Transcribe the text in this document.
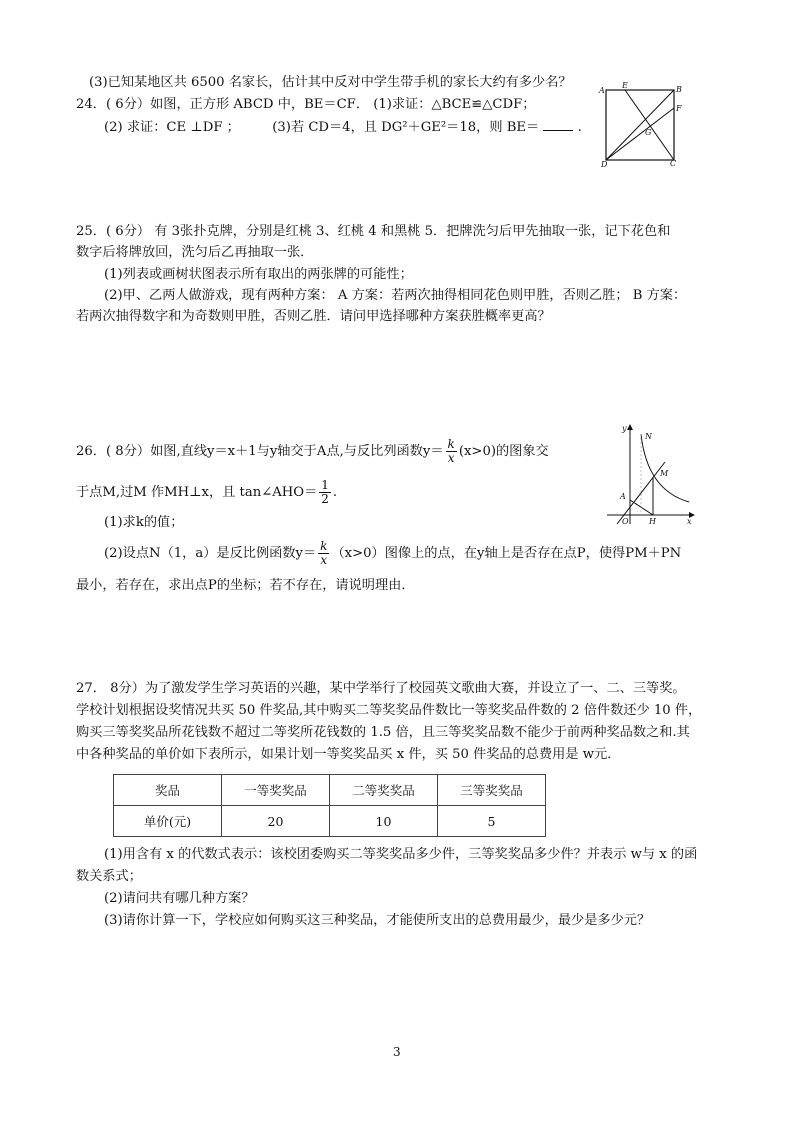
(3)已知某地区共 6500 名家长，估计其中反对中学生带手机的家长大约有多少名？
24．( 6分）如图，正方形 ABCD 中，BE＝CF． (1)求证：△BCE≌△CDF；
(2) 求证：CE ⊥DF ； (3)若 CD＝4，且 DG²＋GE²＝18，则 BE＝	.
A
E	B
F
G
D	C
25．( 6分） 有 3张扑克牌，分别是红桃 3、红桃 4 和黑桃 5．把牌洗匀后甲先抽取一张，记下花色和
数字后将牌放回，洗匀后乙再抽取一张．
(1)列表或画树状图表示所有取出的两张牌的可能性；
(2)甲、乙两人做游戏，现有两种方案： A 方案：若两次抽得相同花色则甲胜，否则乙胜； B 方案：
若两次抽得数字和为奇数则甲胜，否则乙胜．请问甲选择哪种方案获胜概率更高？
26．( 8分）如图,直线y＝x＋1与y轴交于A点,与反比列函数$y= \frac{k}{x} (x>0)$的图象交
于点M,过M 作MH⊥x，且 tan∠AHO＝ $\frac{1}{2}$ .
(1)求k的值；
(2)设点N（1，a）是反比例函数$y= \frac{k}{x} (x>0)$图像上的点，在y轴上是否存在点P，使得PM＋PN
最小，若存在，求出点P的坐标；若不存在，请说明理由．
y
N
M
A
O	H	x
27． 8分）为了激发学生学习英语的兴趣，某中学举行了校园英文歌曲大赛，并设立了一、二、三等奖。
学校计划根据设奖情况共买 50 件奖品,其中购买二等奖奖品件数比一等奖奖品件数的 2 倍件数还少 10 件，
购买三等奖奖品所花钱数不超过二等奖所花钱数的 1.5 倍，且三等奖奖品数不能少于前两种奖品数之和.其
中各种奖品的单价如下表所示，如果计划一等奖奖品买 x 件，买 50 件奖品的总费用是 w元．
奖品	一等奖奖品	二等奖奖品	三等奖奖品
单价(元)	20	10	5
(1)用含有 x 的代数式表示：该校团委购买二等奖奖品多少件，三等奖奖品多少件？并表示 w与 x 的函
数关系式；
(2)请问共有哪几种方案？
(3)请你计算一下，学校应如何购买这三种奖品，才能使所支出的总费用最少，最少是多少元？
3
